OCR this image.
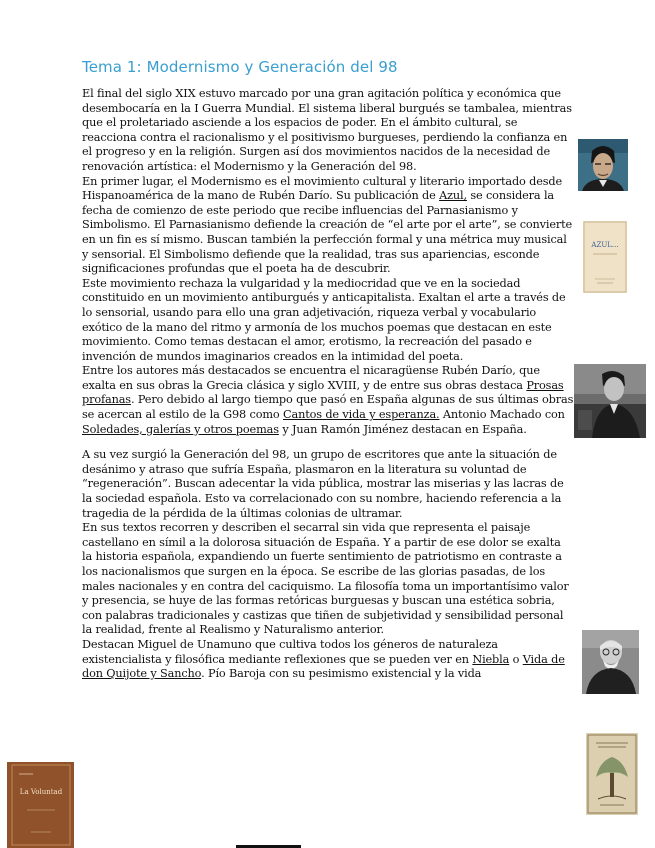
Tema 1: Modernismo y Generación del 98

El final del siglo XIX estuvo marcado por una gran agitación política y económica que desembocaría en la I Guerra Mundial. El sistema liberal burgués se tambalea, mientras que el proletariado asciende a los espacios de poder. En el ámbito cultural, se reacciona contra el racionalismo y el positivismo burgueses, perdiendo la confianza en el progreso y en la religión. Surgen así dos movimientos nacidos de la necesidad de renovación artística: el Modernismo y la Generación del 98.

En primer lugar, el Modernismo es el movimiento cultural y literario importado desde Hispanoamérica de la mano de Rubén Darío. Su publicación de Azul, se considera la fecha de comienzo de este periodo que recibe influencias del Parnasianismo y Simbolismo. El Parnasianismo defiende la creación de “el arte por el arte”, se convierte en un fin es sí mismo. Buscan también la perfección formal y una métrica muy musical y sensorial. El Simbolismo defiende que la realidad, tras sus apariencias, esconde significaciones profundas que el poeta ha de descubrir.

Este movimiento rechaza la vulgaridad y la mediocridad que ve en la sociedad constituido en un movimiento antiburgués y anticapitalista. Exaltan el arte a través de lo sensorial, usando para ello una gran adjetivación, riqueza verbal y vocabulario exótico de la mano del ritmo y armonía de los muchos poemas que destacan en este movimiento. Como temas destacan el amor, erotismo, la recreación del pasado e invención de mundos imaginarios creados en la intimidad del poeta.

Entre los autores más destacados se encuentra el nicaragüense Rubén Darío, que exalta en sus obras la Grecia clásica y siglo XVIII, y de entre sus obras destaca Prosas profanas. Pero debido al largo tiempo que pasó en España algunas de sus últimas obras se acercan al estilo de la G98 como Cantos de vida y esperanza. Antonio Machado con Soledades, galerías y otros poemas y Juan Ramón Jiménez destacan en España.

A su vez surgió la Generación del 98, un grupo de escritores que ante la situación de desánimo y atraso que sufría España, plasmaron en la literatura su voluntad de “regeneración”. Buscan adecentar la vida pública, mostrar las miserias y las lacras de la sociedad española. Esto va correlacionado con su nombre, haciendo referencia a la tragedia de la pérdida de la últimas colonias de ultramar.

En sus textos recorren y describen el secarral sin vida que representa el paisaje castellano en símil a la dolorosa situación de España. Y a partir de ese dolor se exalta la historia española, expandiendo un fuerte sentimiento de patriotismo en contraste a los nacionalismos que surgen en la época. Se escribe de las glorias pasadas, de los males nacionales y en contra del caciquismo. La filosofía toma un importantísimo valor y presencia, se huye de las formas retóricas burguesas y buscan una estética sobria, con palabras tradicionales y castizas que tiñen de subjetividad y sensibilidad personal la realidad, frente al Realismo y Naturalismo anterior.

Destacan Miguel de Unamuno que cultiva todos los géneros de naturaleza existencialista y filosófica mediante reflexiones que se pueden ver en Niebla o Vida de don Quijote y Sancho. Pío Baroja con su pesimismo existencial y la vida

AZUL...
La Voluntad
